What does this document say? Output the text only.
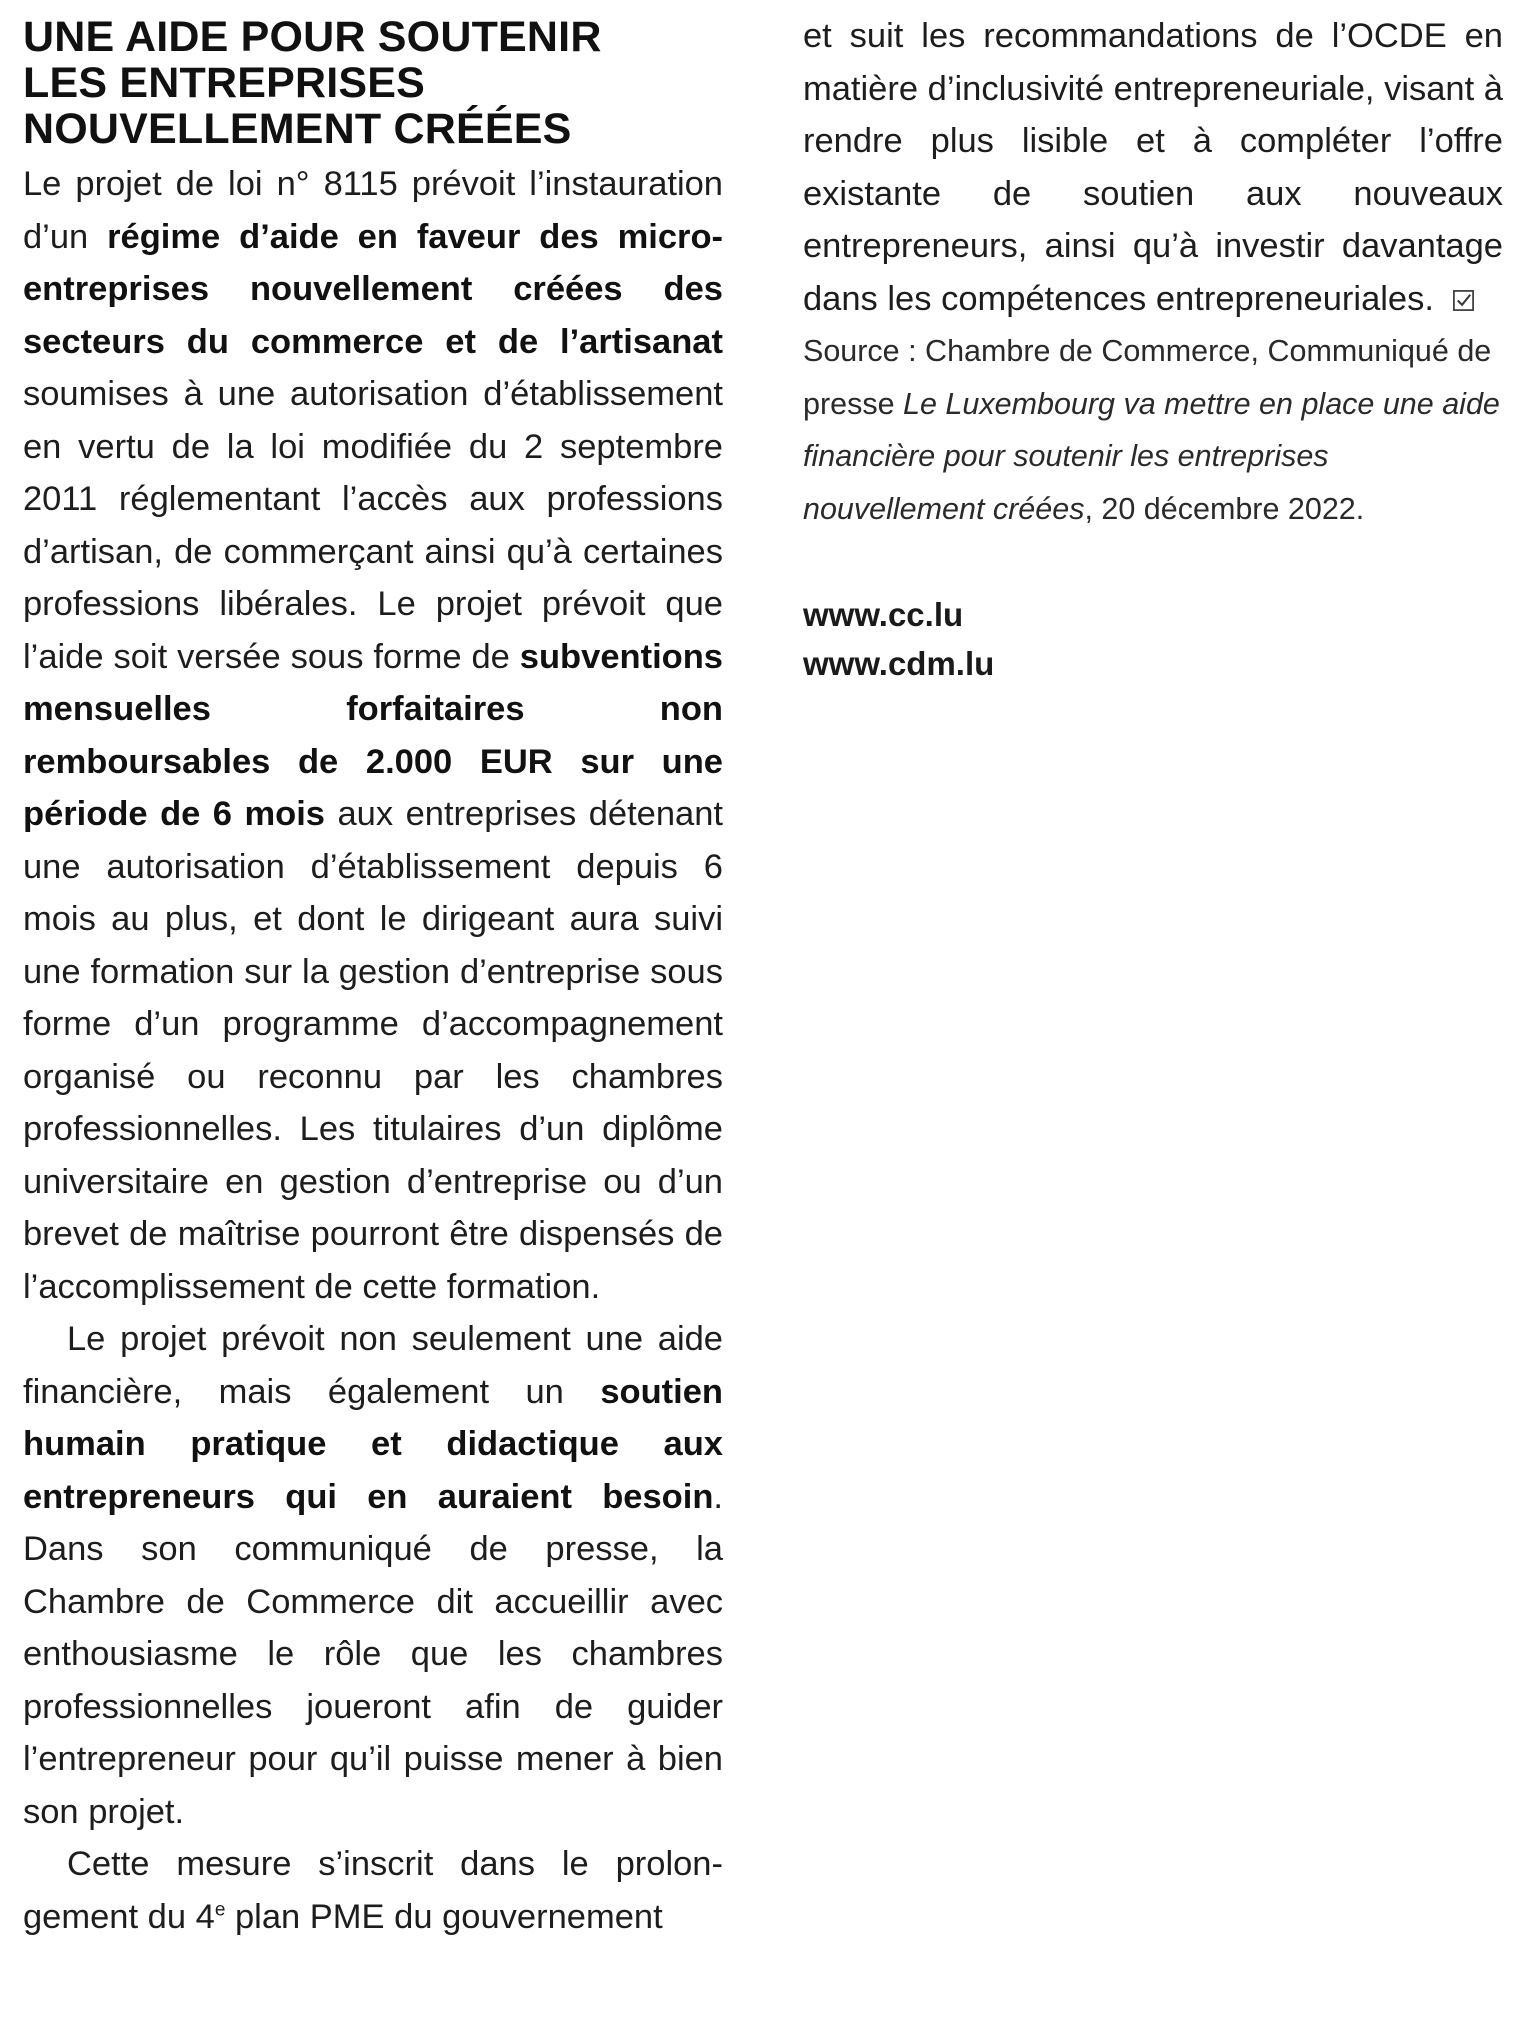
UNE AIDE POUR SOUTENIR
LES ENTREPRISES
NOUVELLEMENT CRÉÉES

Le projet de loi n° 8115 prévoit l’instauration d’un régime d’aide en faveur des micro-entreprises nouvellement créées des secteurs du commerce et de l’artisanat soumises à une autorisation d’établissement en vertu de la loi modifiée du 2 septembre 2011 réglementant l’accès aux professions d’artisan, de commerçant ainsi qu’à certaines professions libérales. Le projet prévoit que l’aide soit versée sous forme de subventions mensuelles forfaitaires non remboursables de 2.000 EUR sur une période de 6 mois aux entreprises détenant une autorisation d’établissement depuis 6 mois au plus, et dont le dirigeant aura suivi une formation sur la gestion d’entreprise sous forme d’un programme d’accompagnement organisé ou reconnu par les chambres professionnelles. Les titulaires d’un diplôme universitaire en gestion d’entreprise ou d’un brevet de maîtrise pourront être dispensés de l’accomplissement de cette formation.

Le projet prévoit non seulement une aide financière, mais également un soutien humain pratique et didactique aux entrepreneurs qui en auraient besoin. Dans son communiqué de presse, la Chambre de Commerce dit accueillir avec enthousiasme le rôle que les chambres professionnelles joueront afin de guider l’entrepreneur pour qu’il puisse mener à bien son projet.

Cette mesure s’inscrit dans le prolongement du 4e plan PME du gouvernement

et suit les recommandations de l’OCDE en matière d’inclusivité entrepreneuriale, visant à rendre plus lisible et à compléter l’offre existante de soutien aux nouveaux entrepreneurs, ainsi qu’à investir davantage dans les compétences entrepreneuriales.

Source : Chambre de Commerce, Communiqué de presse Le Luxembourg va mettre en place une aide financière pour soutenir les entreprises nouvellement créées, 20 décembre 2022.

www.cc.lu
www.cdm.lu
